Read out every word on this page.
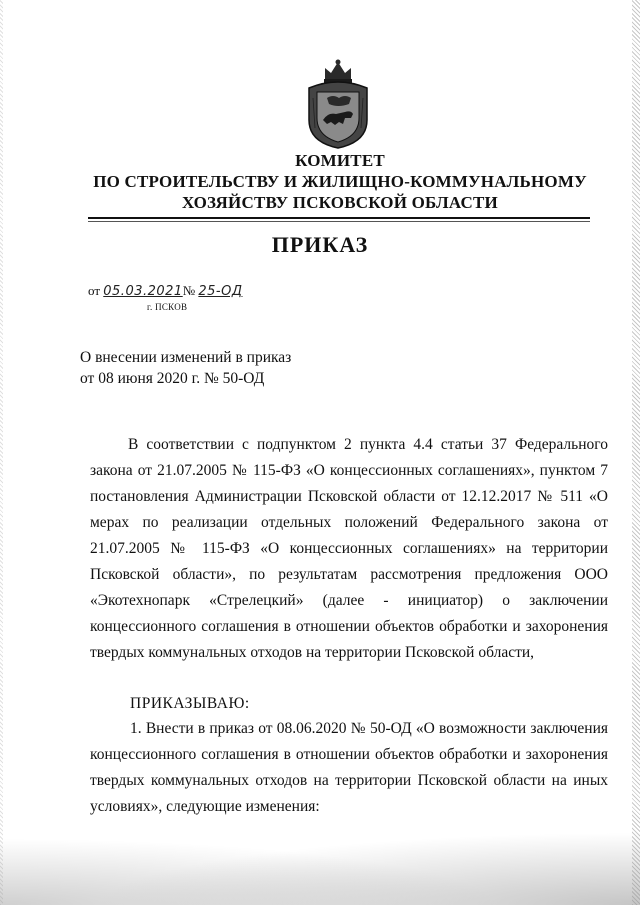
КОМИТЕТ
ПО СТРОИТЕЛЬСТВУ И ЖИЛИЩНО-КОММУНАЛЬНОМУ
ХОЗЯЙСТВУ ПСКОВСКОЙ ОБЛАСТИ
ПРИКАЗ
от 05.03.2021№ 25-ОД
г. ПСКОВ
О внесении изменений в приказ
от 08 июня 2020 г. № 50-ОД
В соответствии с подпунктом 2 пункта 4.4 статьи 37 Федерального закона от 21.07.2005 № 115-ФЗ «О концессионных соглашениях», пунктом 7 постановления Администрации Псковской области от 12.12.2017 № 511 «О мерах по реализации отдельных положений Федерального закона от 21.07.2005 № 115-ФЗ «О концессионных соглашениях» на территории Псковской области», по результатам рассмотрения предложения ООО «Экотехнопарк «Стрелецкий» (далее - инициатор) о заключении концессионного соглашения в отношении объектов обработки и захоронения твердых коммунальных отходов на территории Псковской области,
ПРИКАЗЫВАЮ:
1. Внести в приказ от 08.06.2020 № 50-ОД «О возможности заключения концессионного соглашения в отношении объектов обработки и захоронения твердых коммунальных отходов на территории Псковской области на иных условиях», следующие изменения:
